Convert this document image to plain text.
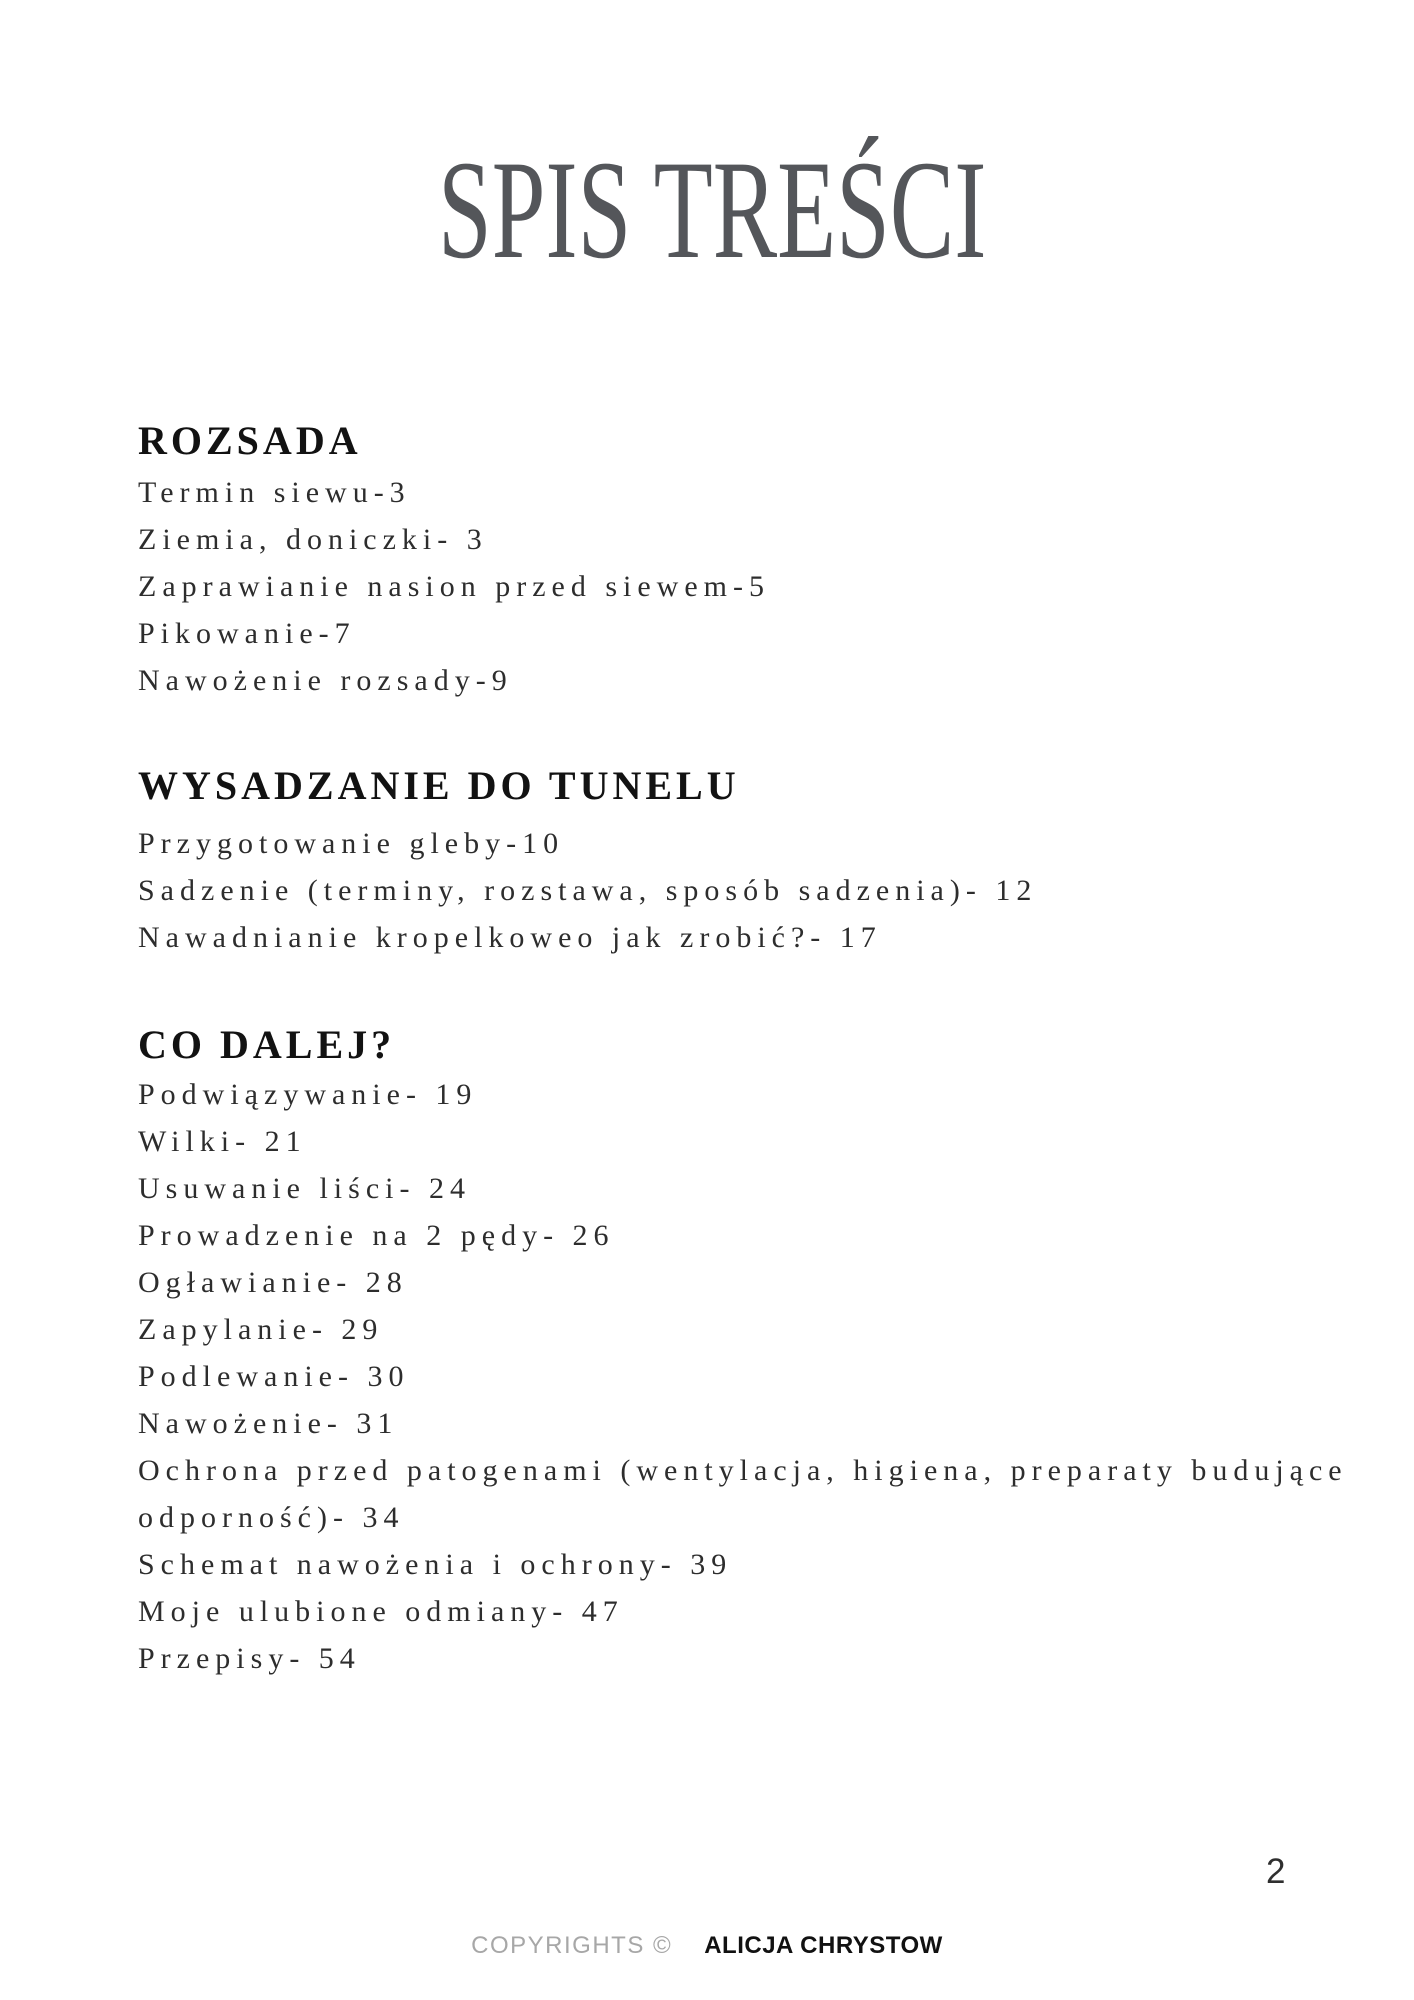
SPIS TREŚCI
ROZSADA
Termin siewu-3
Ziemia, doniczki- 3
Zaprawianie nasion przed siewem-5
Pikowanie-7
Nawożenie rozsady-9
WYSADZANIE DO TUNELU
Przygotowanie gleby-10
Sadzenie (terminy, rozstawa, sposób sadzenia)- 12
Nawadnianie kropelkoweo jak zrobić?- 17
CO DALEJ?
Podwiązywanie- 19
Wilki- 21
Usuwanie liści- 24
Prowadzenie na 2 pędy- 26
Ogławianie- 28
Zapylanie- 29
Podlewanie- 30
Nawożenie- 31
Ochrona przed patogenami (wentylacja, higiena, preparaty budujące odporność)- 34
Schemat nawożenia i ochrony- 39
Moje ulubione odmiany- 47
Przepisy- 54
2
COPYRIGHTS © ALICJA CHRYSTOW
